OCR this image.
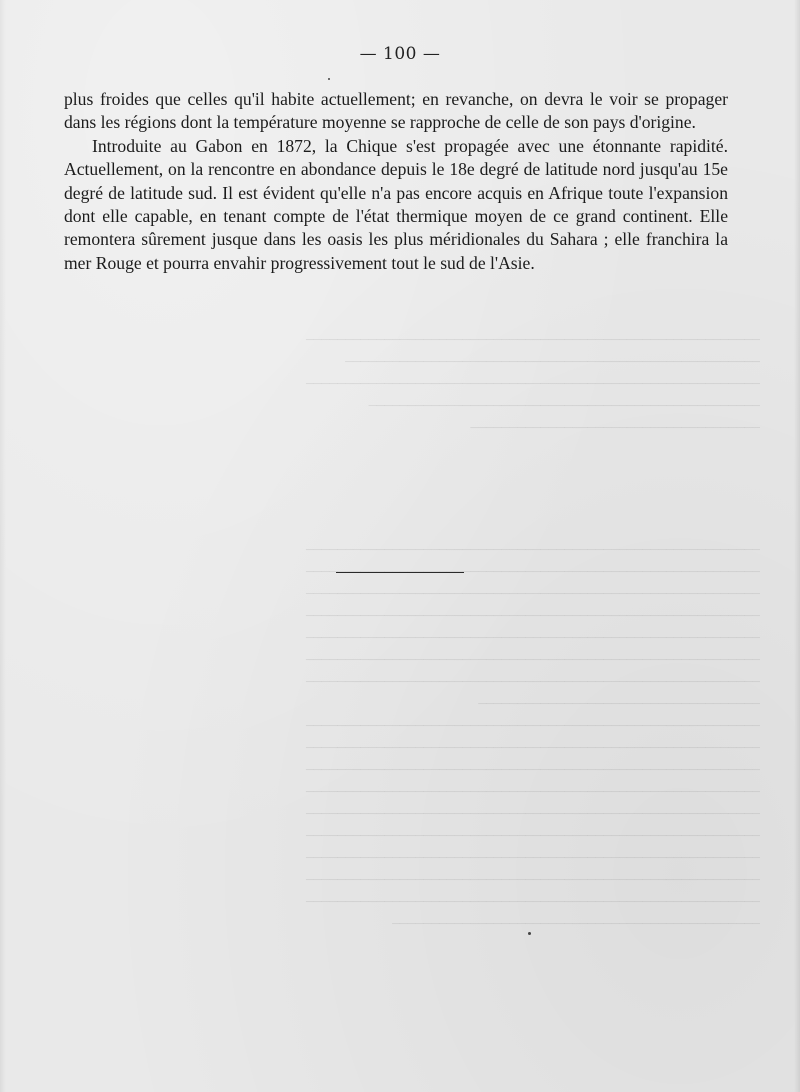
──────────────────────────────────────────────────────────
─────────────────────────────────────────────────────
──────────────────────────────────────────────────────────
──────────────────────────────────────────────────
─────────────────────────────────────
──────────────────────────────────────────────────────────
──────────────────────────────────────────────────────────
──────────────────────────────────────────────────────────
──────────────────────────────────────────────────────────
──────────────────────────────────────────────────────────
──────────────────────────────────────────────────────────
──────────────────────────────────────────────────────────
────────────────────────────────────
──────────────────────────────────────────────────────────
──────────────────────────────────────────────────────────
──────────────────────────────────────────────────────────
──────────────────────────────────────────────────────────
──────────────────────────────────────────────────────────
──────────────────────────────────────────────────────────
──────────────────────────────────────────────────────────
──────────────────────────────────────────────────────────
──────────────────────────────────────────────────────────
───────────────────────────────────────────────
— 100 —

plus froides que celles qu'il habite actuellement; en revanche, on devra le voir se propager dans les régions dont la température moyenne se rapproche de celle de son pays d'origine.

Introduite au Gabon en 1872, la Chique s'est propagée avec une étonnante rapidité. Actuellement, on la rencontre en abondance depuis le 18e degré de latitude nord jusqu'au 15e degré de latitude sud. Il est évident qu'elle n'a pas encore acquis en Afrique toute l'expansion dont elle capable, en tenant compte de l'état thermique moyen de ce grand continent. Elle remontera sûrement jusque dans les oasis les plus méridionales du Sahara ; elle franchira la mer Rouge et pourra envahir progressivement tout le sud de l'Asie.
